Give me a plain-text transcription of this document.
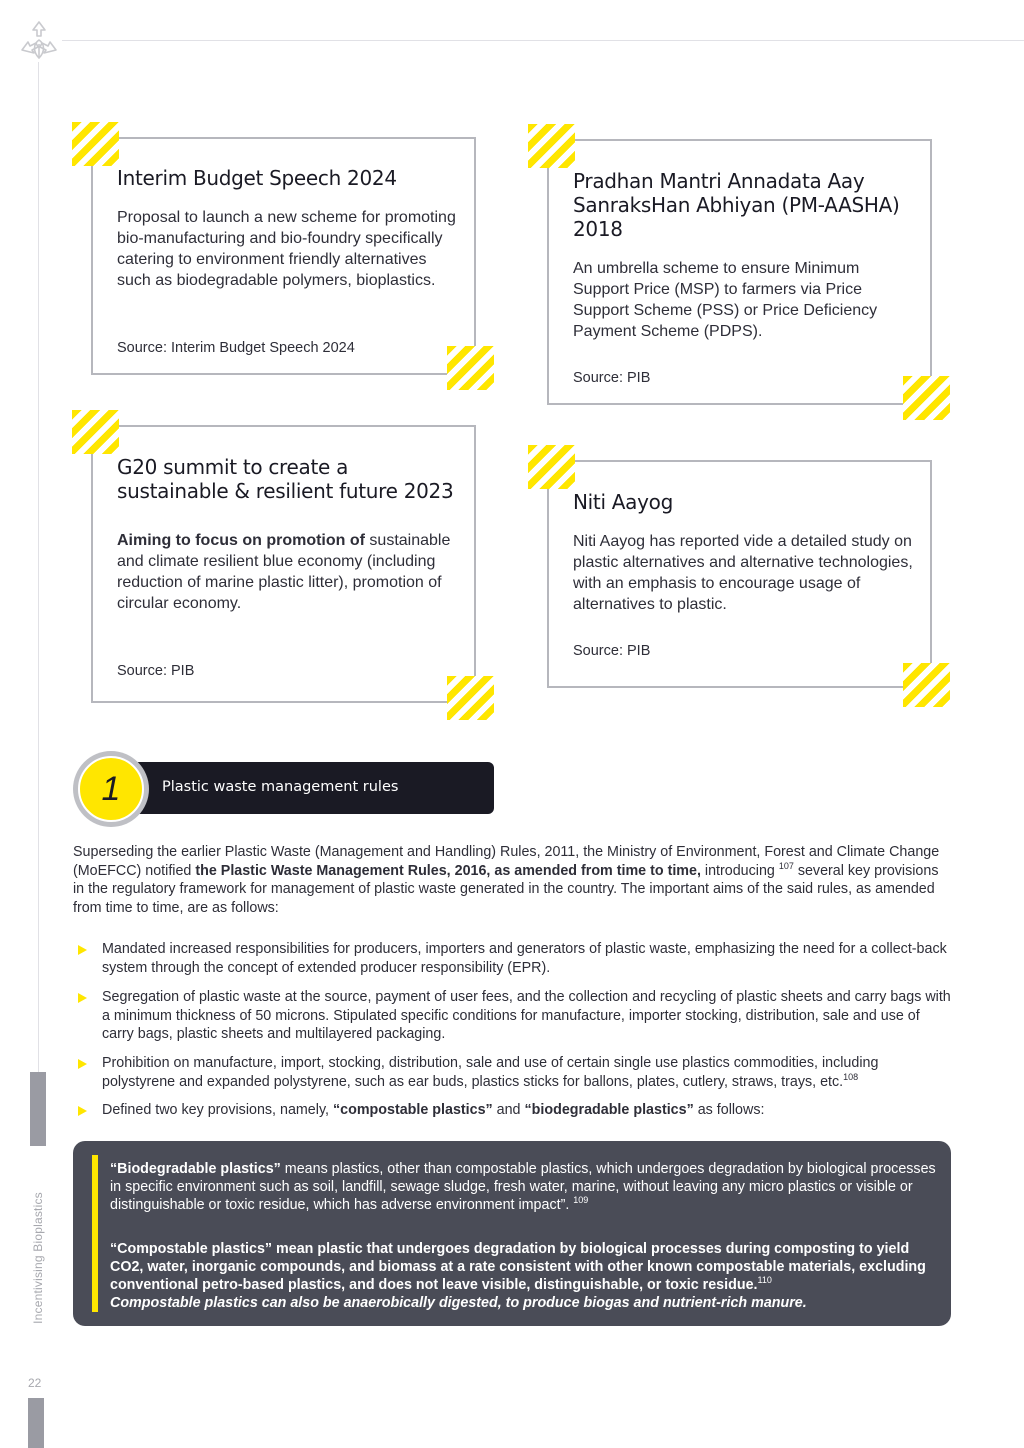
Incentivising Bioplastics
22
Interim Budget Speech 2024
Proposal to launch a new scheme for promoting bio-manufacturing and bio-foundry specifically catering to environment friendly alternatives such as biodegradable polymers, bioplastics.
Source: Interim Budget Speech 2024
Pradhan Mantri Annadata Aay SanraksHan Abhiyan (PM-AASHA) 2018
An umbrella scheme to ensure Minimum Support Price (MSP) to farmers via Price Support Scheme (PSS) or Price Deficiency Payment Scheme (PDPS).
Source: PIB
G20 summit to create a sustainable & resilient future 2023
Aiming to focus on promotion of sustainable and climate resilient blue economy (including reduction of marine plastic litter), promotion of circular economy.
Source: PIB
Niti Aayog
Niti Aayog has reported vide a detailed study on plastic alternatives and alternative technologies, with an emphasis to encourage usage of alternatives to plastic.
Source: PIB
1	Plastic waste management rules
Superseding the earlier Plastic Waste (Management and Handling) Rules, 2011, the Ministry of Environment, Forest and Climate Change (MoEFCC) notified the Plastic Waste Management Rules, 2016, as amended from time to time, introducing $^{107}$ several key provisions in the regulatory framework for management of plastic waste generated in the country. The important aims of the said rules, as amended from time to time, are as follows:
Mandated increased responsibilities for producers, importers and generators of plastic waste, emphasizing the need for a collect-back system through the concept of extended producer responsibility (EPR).
Segregation of plastic waste at the source, payment of user fees, and the collection and recycling of plastic sheets and carry bags with a minimum thickness of 50 microns. Stipulated specific conditions for manufacture, importer stocking, distribution, sale and use of carry bags, plastic sheets and multilayered packaging.
Prohibition on manufacture, import, stocking, distribution, sale and use of certain single use plastics commodities, including polystyrene and expanded polystyrene, such as ear buds, plastics sticks for ballons, plates, cutlery, straws, trays, etc.$^{108}$
Defined two key provisions, namely, “compostable plastics” and “biodegradable plastics” as follows:
“Biodegradable plastics” means plastics, other than compostable plastics, which undergoes degradation by biological processes in specific environment such as soil, landfill, sewage sludge, fresh water, marine, without leaving any micro plastics or visible or distinguishable or toxic residue, which has adverse environment impact”. $^{109}$
“Compostable plastics” mean plastic that undergoes degradation by biological processes during composting to yield CO2, water, inorganic compounds, and biomass at a rate consistent with other known compostable materials, excluding conventional petro-based plastics, and does not leave visible, distinguishable, or toxic residue.$^{110}$
Compostable plastics can also be anaerobically digested, to produce biogas and nutrient-rich manure.
